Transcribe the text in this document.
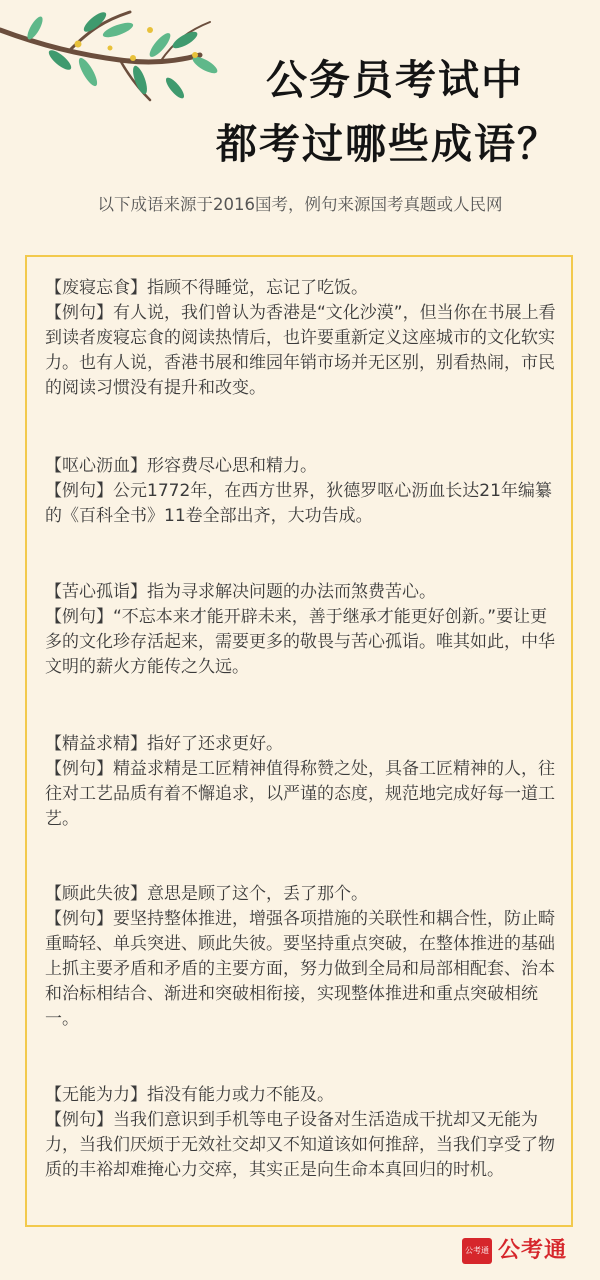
公务员考试中
都考过哪些成语？
以下成语来源于2016国考，例句来源国考真题或人民网

【废寝忘食】指顾不得睡觉，忘记了吃饭。

【例句】有人说，我们曾认为香港是“文化沙漠”，但当你在书展上看到读者废寝忘食的阅读热情后，也许要重新定义这座城市的文化软实力。也有人说，香港书展和维园年销市场并无区别，别看热闹，市民的阅读习惯没有提升和改变。

【呕心沥血】形容费尽心思和精力。

【例句】公元1772年，在西方世界，狄德罗呕心沥血长达21年编纂的《百科全书》11卷全部出齐，大功告成。

【苦心孤诣】指为寻求解决问题的办法而煞费苦心。

【例句】“不忘本来才能开辟未来，善于继承才能更好创新。”要让更多的文化珍存活起来，需要更多的敬畏与苦心孤诣。唯其如此，中华文明的薪火方能传之久远。

【精益求精】指好了还求更好。

【例句】精益求精是工匠精神值得称赞之处，具备工匠精神的人，往往对工艺品质有着不懈追求，以严谨的态度，规范地完成好每一道工艺。

【顾此失彼】意思是顾了这个，丢了那个。

【例句】要坚持整体推进，增强各项措施的关联性和耦合性，防止畸重畸轻、单兵突进、顾此失彼。要坚持重点突破，在整体推进的基础上抓主要矛盾和矛盾的主要方面，努力做到全局和局部相配套、治本和治标相结合、渐进和突破相衔接，实现整体推进和重点突破相统一。

【无能为力】指没有能力或力不能及。

【例句】当我们意识到手机等电子设备对生活造成干扰却又无能为力，当我们厌烦于无效社交却又不知道该如何推辞，当我们享受了物质的丰裕却难掩心力交瘁，其实正是向生命本真回归的时机。

公考通 公考通
